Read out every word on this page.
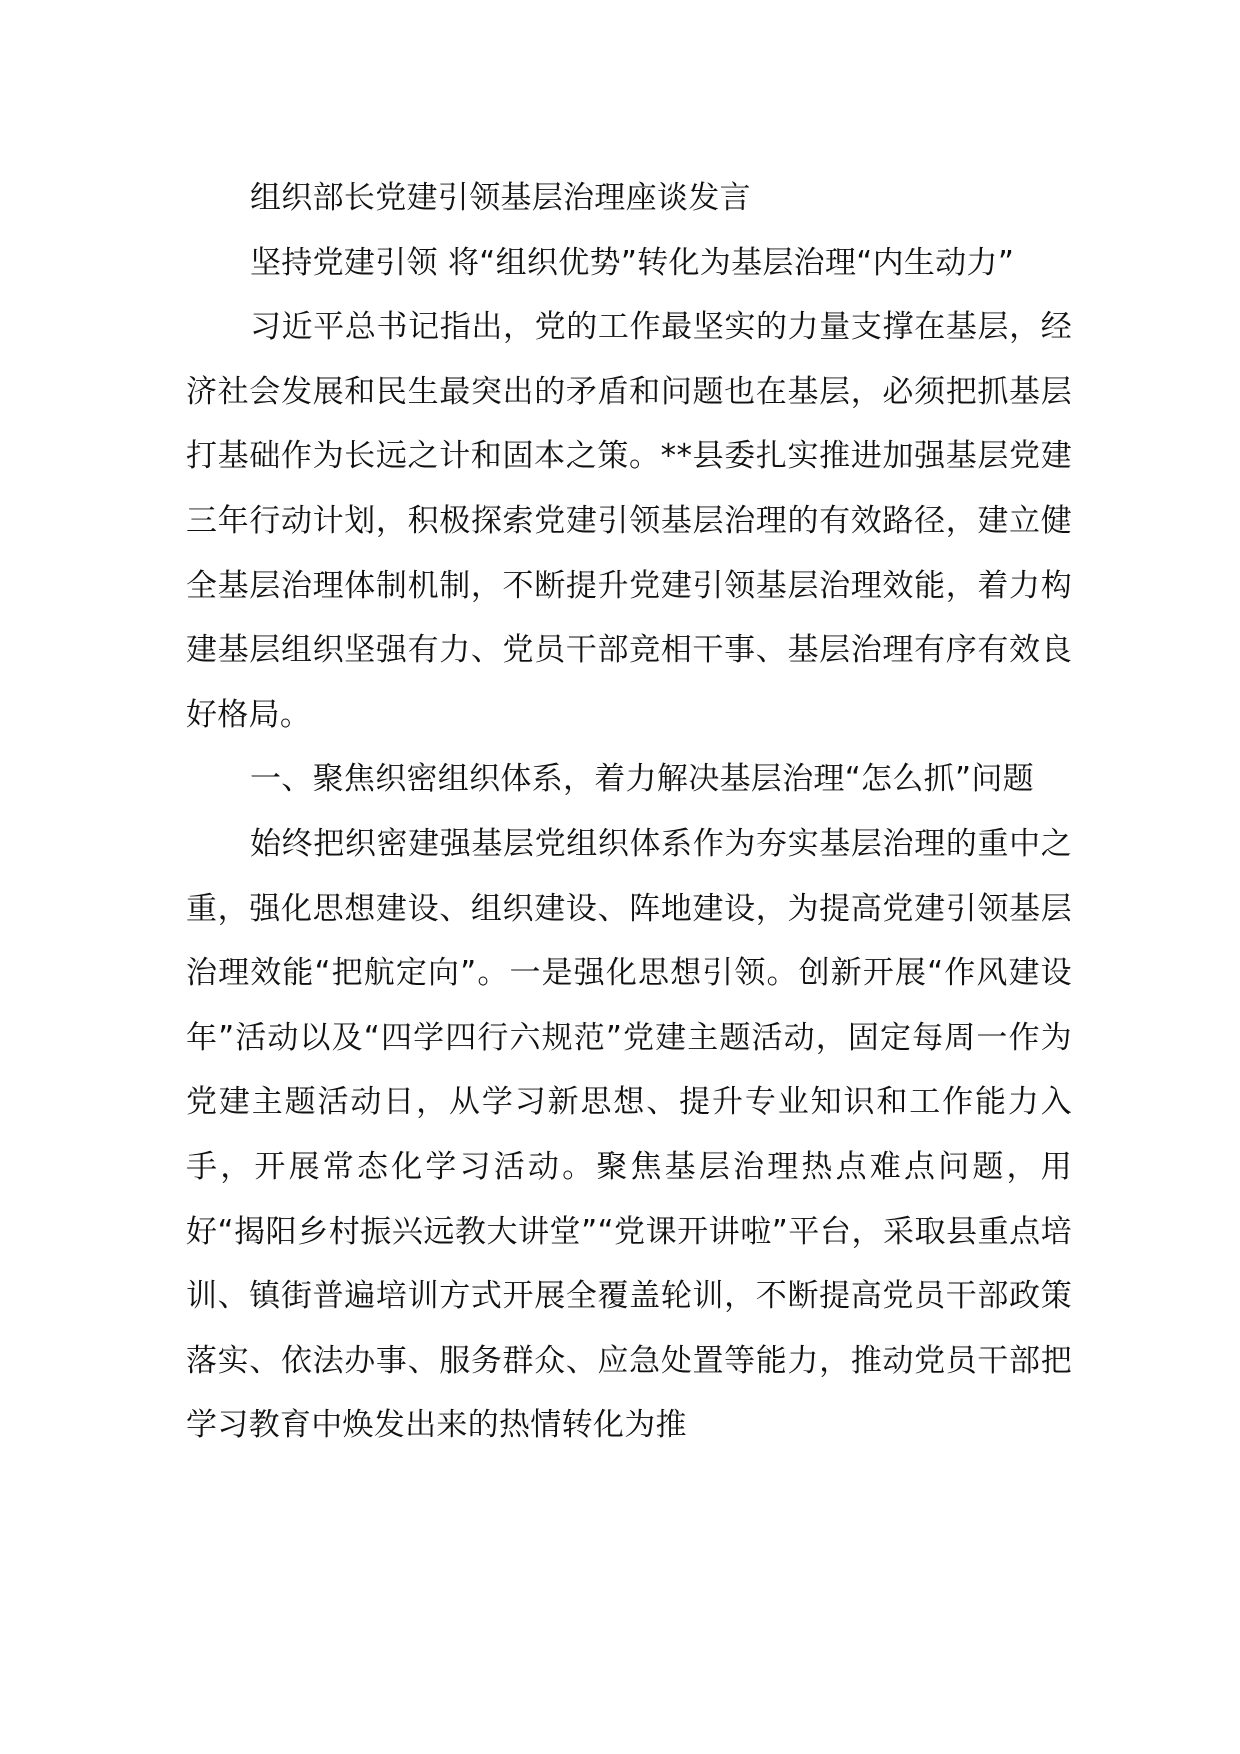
组织部长党建引领基层治理座谈发言

坚持党建引领 将“组织优势”转化为基层治理“内生动力”

习近平总书记指出，党的工作最坚实的力量支撑在基层，经济社会发展和民生最突出的矛盾和问题也在基层，必须把抓基层打基础作为长远之计和固本之策。**县委扎实推进加强基层党建三年行动计划，积极探索党建引领基层治理的有效路径，建立健全基层治理体制机制，不断提升党建引领基层治理效能，着力构建基层组织坚强有力、党员干部竞相干事、基层治理有序有效良好格局。

一、聚焦织密组织体系，着力解决基层治理“怎么抓”问题

始终把织密建强基层党组织体系作为夯实基层治理的重中之重，强化思想建设、组织建设、阵地建设，为提高党建引领基层治理效能“把航定向”。一是强化思想引领。创新开展“作风建设年”活动以及“四学四行六规范”党建主题活动，固定每周一作为党建主题活动日，从学习新思想、提升专业知识和工作能力入手，开展常态化学习活动。聚焦基层治理热点难点问题，用好“揭阳乡村振兴远教大讲堂”“党课开讲啦”平台，采取县重点培训、镇街普遍培训方式开展全覆盖轮训，不断提高党员干部政策落实、依法办事、服务群众、应急处置等能力，推动党员干部把学习教育中焕发出来的热情转化为推
